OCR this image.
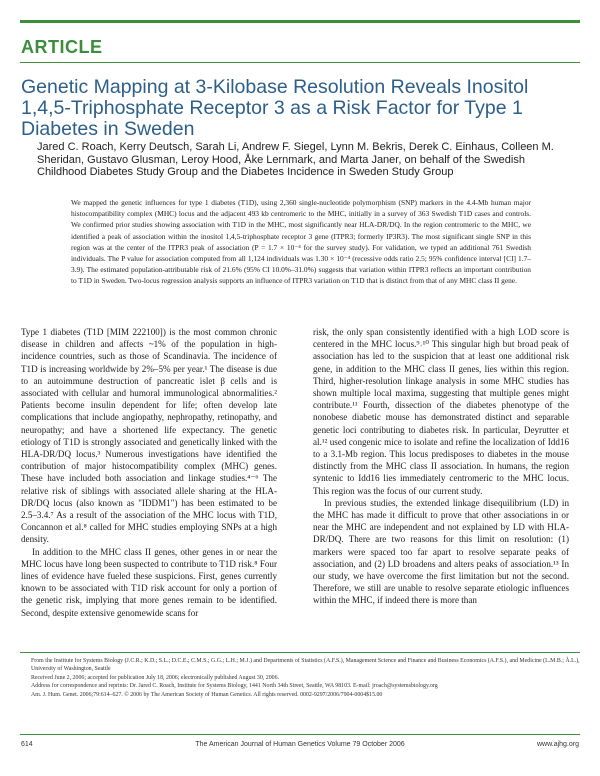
ARTICLE
Genetic Mapping at 3-Kilobase Resolution Reveals Inositol 1,4,5-Triphosphate Receptor 3 as a Risk Factor for Type 1 Diabetes in Sweden
Jared C. Roach, Kerry Deutsch, Sarah Li, Andrew F. Siegel, Lynn M. Bekris, Derek C. Einhaus, Colleen M. Sheridan, Gustavo Glusman, Leroy Hood, Åke Lernmark, and Marta Janer, on behalf of the Swedish Childhood Diabetes Study Group and the Diabetes Incidence in Sweden Study Group
We mapped the genetic influences for type 1 diabetes (T1D), using 2,360 single-nucleotide polymorphism (SNP) markers in the 4.4-Mb human major histocompatibility complex (MHC) locus and the adjacent 493 kb centromeric to the MHC, initially in a survey of 363 Swedish T1D cases and controls. We confirmed prior studies showing association with T1D in the MHC, most significantly near HLA-DR/DQ. In the region centromeric to the MHC, we identified a peak of association within the inositol 1,4,5-triphosphate receptor 3 gene (ITPR3; formerly IP3R3). The most significant single SNP in this region was at the center of the ITPR3 peak of association (P = 1.7 × 10⁻⁴ for the survey study). For validation, we typed an additional 761 Swedish individuals. The P value for association computed from all 1,124 individuals was 1.30 × 10⁻⁴ (recessive odds ratio 2.5; 95% confidence interval [CI] 1.7–3.9). The estimated population-attributable risk of 21.6% (95% CI 10.0%–31.0%) suggests that variation within ITPR3 reflects an important contribution to T1D in Sweden. Two-locus regression analysis supports an influence of ITPR3 variation on T1D that is distinct from that of any MHC class II gene.

Type 1 diabetes (T1D [MIM 222100]) is the most common chronic disease in children and affects ~1% of the population in high-incidence countries, such as those of Scandinavia. The incidence of T1D is increasing worldwide by 2%–5% per year.¹ The disease is due to an autoimmune destruction of pancreatic islet β cells and is associated with cellular and humoral immunological abnormalities.² Patients become insulin dependent for life; often develop late complications that include angiopathy, nephropathy, retinopathy, and neuropathy; and have a shortened life expectancy. The genetic etiology of T1D is strongly associated and genetically linked with the HLA-DR/DQ locus.³ Numerous investigations have identified the contribution of major histocompatibility complex (MHC) genes. These have included both association and linkage studies.⁴⁻⁶ The relative risk of siblings with associated allele sharing at the HLA-DR/DQ locus (also known as "IDDM1") has been estimated to be 2.5–3.4.⁷ As a result of the association of the MHC locus with T1D, Concannon et al.⁸ called for MHC studies employing SNPs at a high density.

In addition to the MHC class II genes, other genes in or near the MHC locus have long been suspected to contribute to T1D risk.⁸ Four lines of evidence have fueled these suspicions. First, genes currently known to be associated with T1D risk account for only a portion of the genetic risk, implying that more genes remain to be identified. Second, despite extensive genomewide scans for

risk, the only span consistently identified with a high LOD score is centered in the MHC locus.⁹˒¹⁰ This singular high but broad peak of association has led to the suspicion that at least one additional risk gene, in addition to the MHC class II genes, lies within this region. Third, higher-resolution linkage analysis in some MHC studies has shown multiple local maxima, suggesting that multiple genes might contribute.¹¹ Fourth, dissection of the diabetes phenotype of the nonobese diabetic mouse has demonstrated distinct and separable genetic loci contributing to diabetes risk. In particular, Deyrutter et al.¹² used congenic mice to isolate and refine the localization of Idd16 to a 3.1-Mb region. This locus predisposes to diabetes in the mouse distinctly from the MHC class II association. In humans, the region syntenic to Idd16 lies immediately centromeric to the MHC locus. This region was the focus of our current study.

In previous studies, the extended linkage disequilibrium (LD) in the MHC has made it difficult to prove that other associations in or near the MHC are independent and not explained by LD with HLA-DR/DQ. There are two reasons for this limit on resolution: (1) markers were spaced too far apart to resolve separate peaks of association, and (2) LD broadens and alters peaks of association.¹³ In our study, we have overcome the first limitation but not the second. Therefore, we still are unable to resolve separate etiologic influences within the MHC, if indeed there is more than

From the Institute for Systems Biology (J.C.R.; K.D.; S.L.; D.C.E.; C.M.S.; G.G.; L.H.; M.J.) and Departments of Statistics (A.F.S.), Management Science and Finance and Business Economics (A.F.S.), and Medicine (L.M.B.; Å.L.), University of Washington, Seattle

Received June 2, 2006; accepted for publication July 18, 2006; electronically published August 30, 2006.

Address for correspondence and reprints: Dr. Jared C. Roach, Institute for Systems Biology, 1441 North 34th Street, Seattle, WA 98103. E-mail: jroach@systemsbiology.org

Am. J. Hum. Genet. 2006;79:614–627. © 2006 by The American Society of Human Genetics. All rights reserved. 0002-9297/2006/7904-0004$15.00

614	The American Journal of Human Genetics Volume 79 October 2006	www.ajhg.org
